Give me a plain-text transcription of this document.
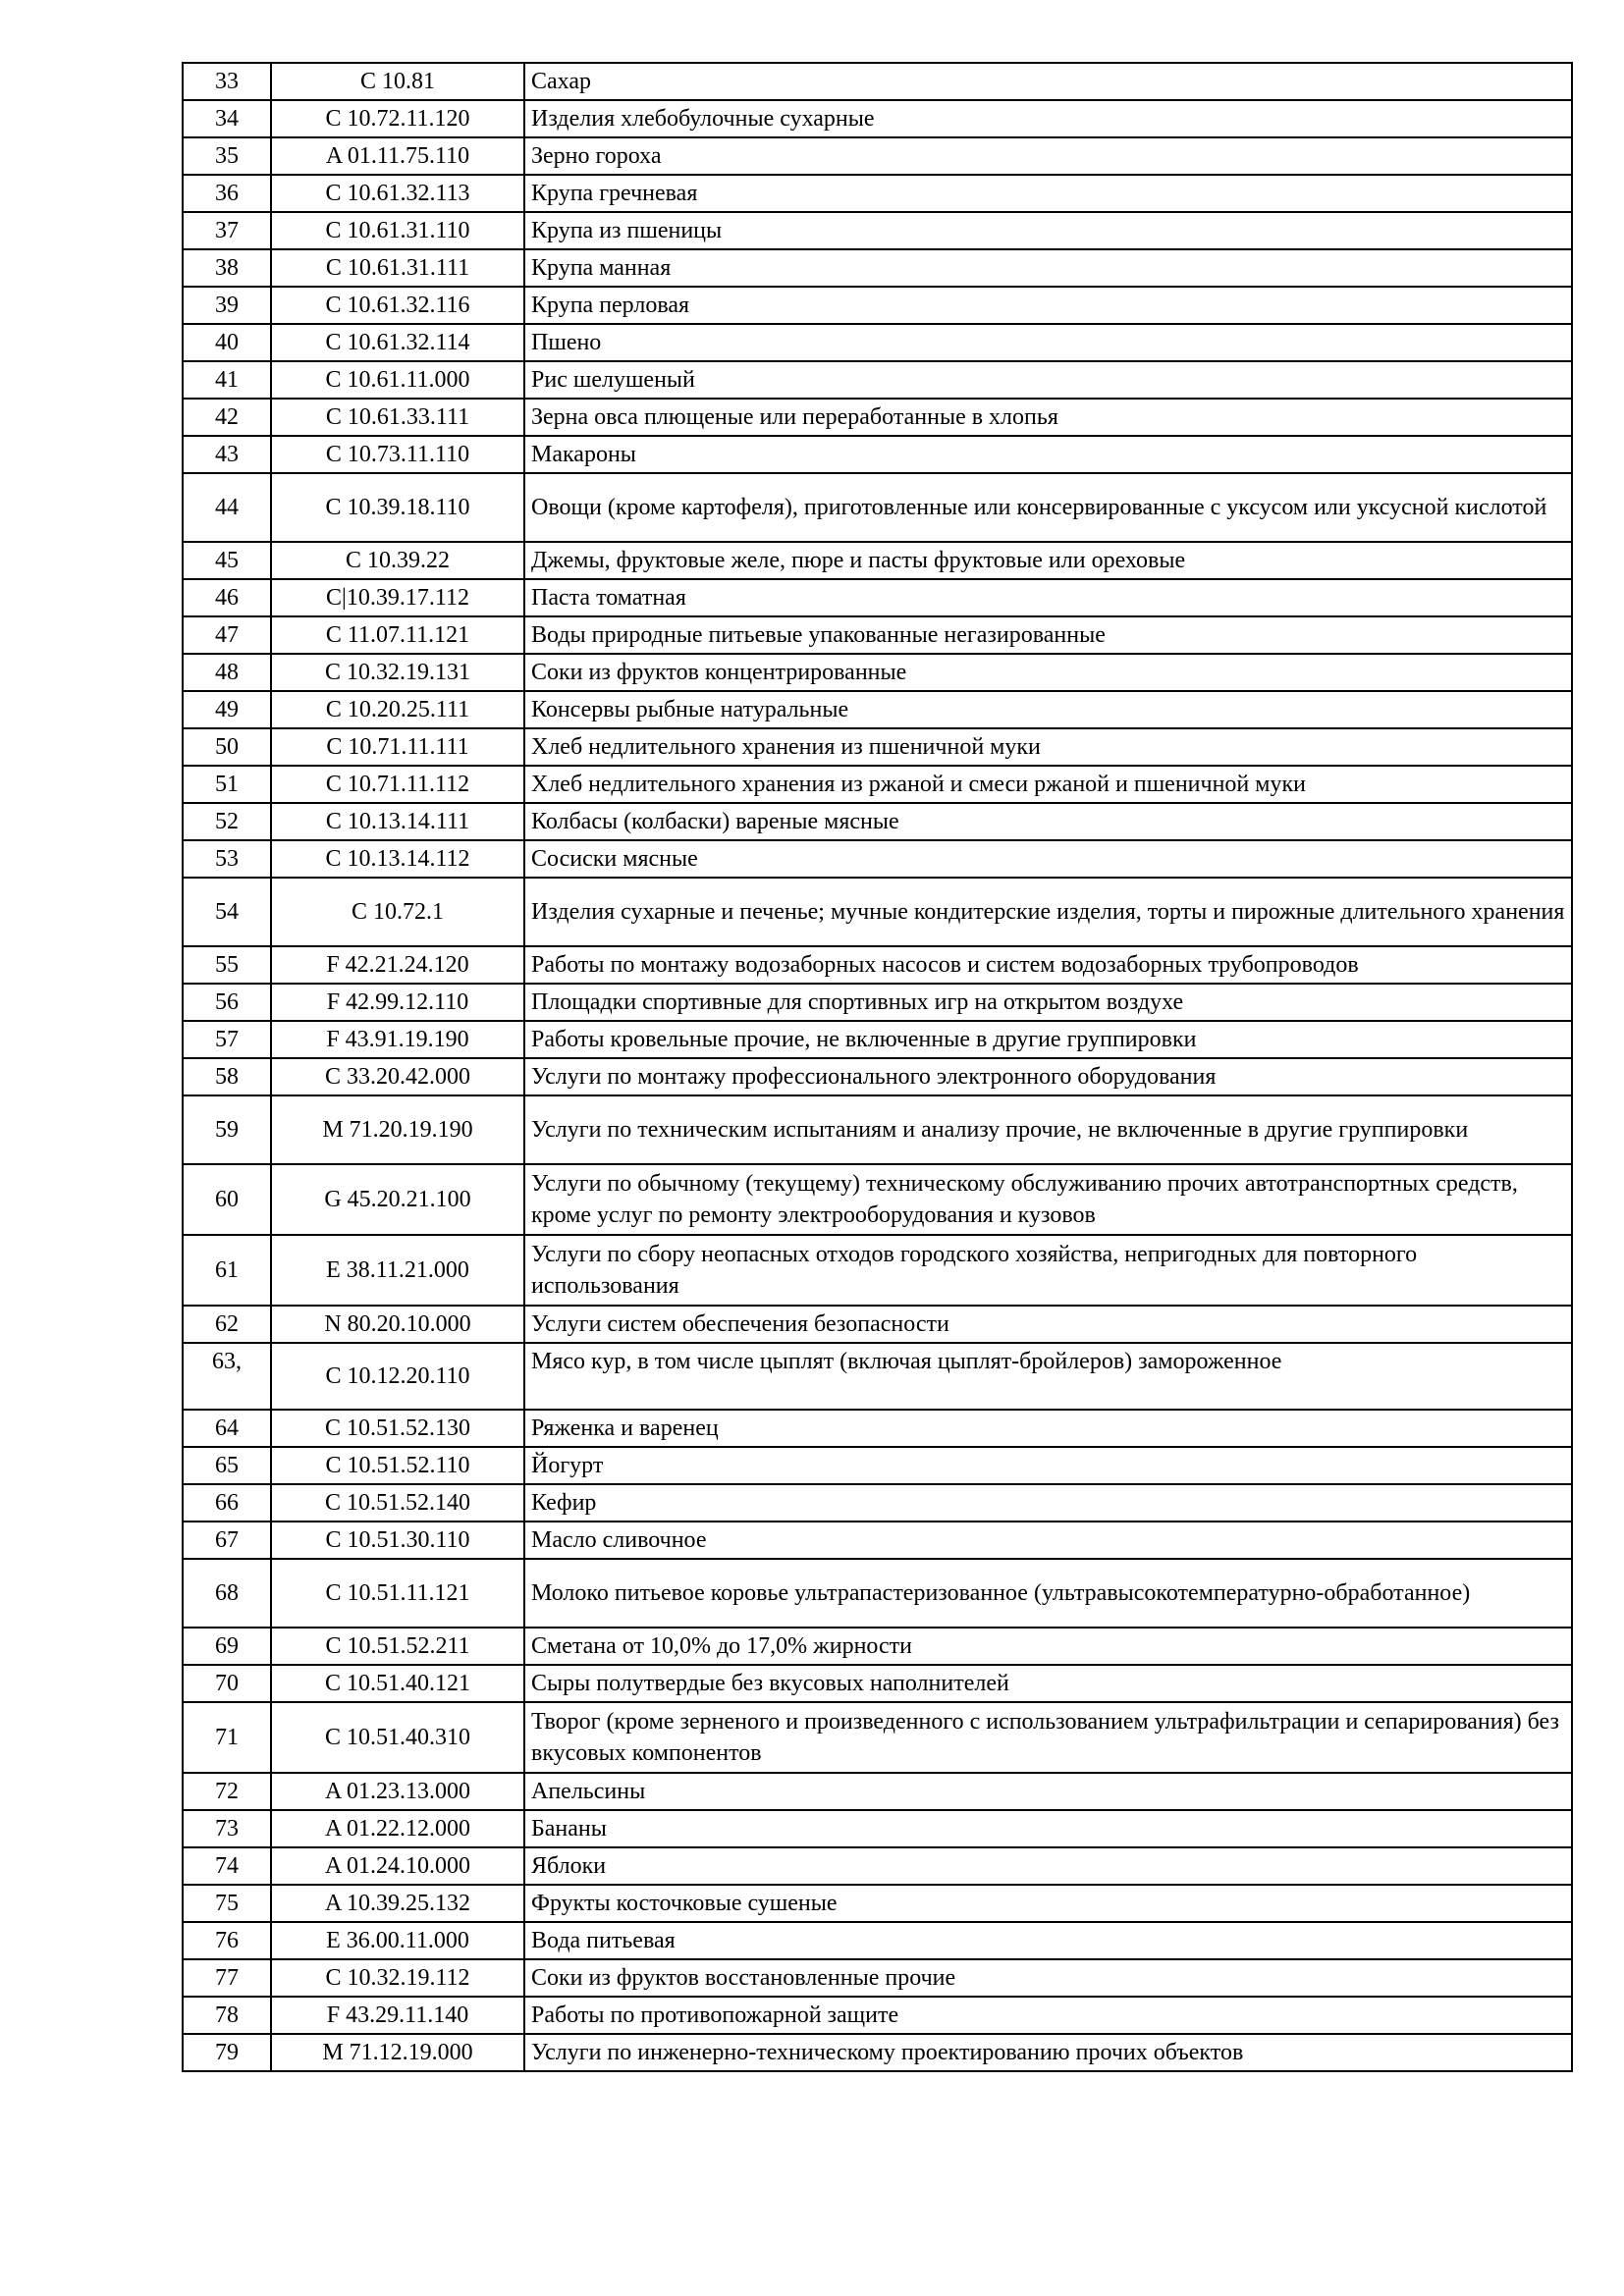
33	C 10.81	Сахар
34	C 10.72.11.120	Изделия хлебобулочные сухарные
35	A 01.11.75.110	Зерно гороха
36	C 10.61.32.113	Крупа гречневая
37	C 10.61.31.110	Крупа из пшеницы
38	C 10.61.31.111	Крупа манная
39	C 10.61.32.116	Крупа перловая
40	C 10.61.32.114	Пшено
41	C 10.61.11.000	Рис шелушеный
42	C 10.61.33.111	Зерна овса плющеные или переработанные в хлопья
43	C 10.73.11.110	Макароны
44	C 10.39.18.110	Овощи (кроме картофеля), приготовленные или консервированные с уксусом или уксусной кислотой
45	C 10.39.22	Джемы, фруктовые желе, пюре и пасты фруктовые или ореховые
46	C|10.39.17.112	Паста томатная
47	C 11.07.11.121	Воды природные питьевые упакованные негазированные
48	C 10.32.19.131	Соки из фруктов концентрированные
49	C 10.20.25.111	Консервы рыбные натуральные
50	C 10.71.11.111	Хлеб недлительного хранения из пшеничной муки
51	C 10.71.11.112	Хлеб недлительного хранения из ржаной и смеси ржаной и пшеничной муки
52	C 10.13.14.111	Колбасы (колбаски) вареные мясные
53	C 10.13.14.112	Сосиски мясные
54	C 10.72.1	Изделия сухарные и печенье; мучные кондитерские изделия, торты и пирожные длительного хранения
55	F 42.21.24.120	Работы по монтажу водозаборных насосов и систем водозаборных трубопроводов
56	F 42.99.12.110	Площадки спортивные для спортивных игр на открытом воздухе
57	F 43.91.19.190	Работы кровельные прочие, не включенные в другие группировки
58	C 33.20.42.000	Услуги по монтажу профессионального электронного оборудования
59	M 71.20.19.190	Услуги по техническим испытаниям и анализу прочие, не включенные в другие группировки
60	G 45.20.21.100	Услуги по обычному (текущему) техническому обслуживанию прочих автотранспортных средств, кроме услуг по ремонту электрооборудования и кузовов
61	E 38.11.21.000	Услуги по сбору неопасных отходов городского хозяйства, непригодных для повторного использования
62	N 80.20.10.000	Услуги систем обеспечения безопасности
63,	C 10.12.20.110	Мясо кур, в том числе цыплят (включая цыплят-бройлеров) замороженное
64	C 10.51.52.130	Ряженка и варенец
65	C 10.51.52.110	Йогурт
66	C 10.51.52.140	Кефир
67	C 10.51.30.110	Масло сливочное
68	C 10.51.11.121	Молоко питьевое коровье ультрапастеризованное (ультравысокотемпературно-обработанное)
69	C 10.51.52.211	Сметана от 10,0% до 17,0% жирности
70	C 10.51.40.121	Сыры полутвердые без вкусовых наполнителей
71	C 10.51.40.310	Творог (кроме зерненого и произведенного с использованием ультрафильтрации и сепарирования) без вкусовых компонентов
72	A 01.23.13.000	Апельсины
73	A 01.22.12.000	Бананы
74	A 01.24.10.000	Яблоки
75	A 10.39.25.132	Фрукты косточковые сушеные
76	E 36.00.11.000	Вода питьевая
77	C 10.32.19.112	Соки из фруктов восстановленные прочие
78	F 43.29.11.140	Работы по противопожарной защите
79	M 71.12.19.000	Услуги по инженерно-техническому проектированию прочих объектов
